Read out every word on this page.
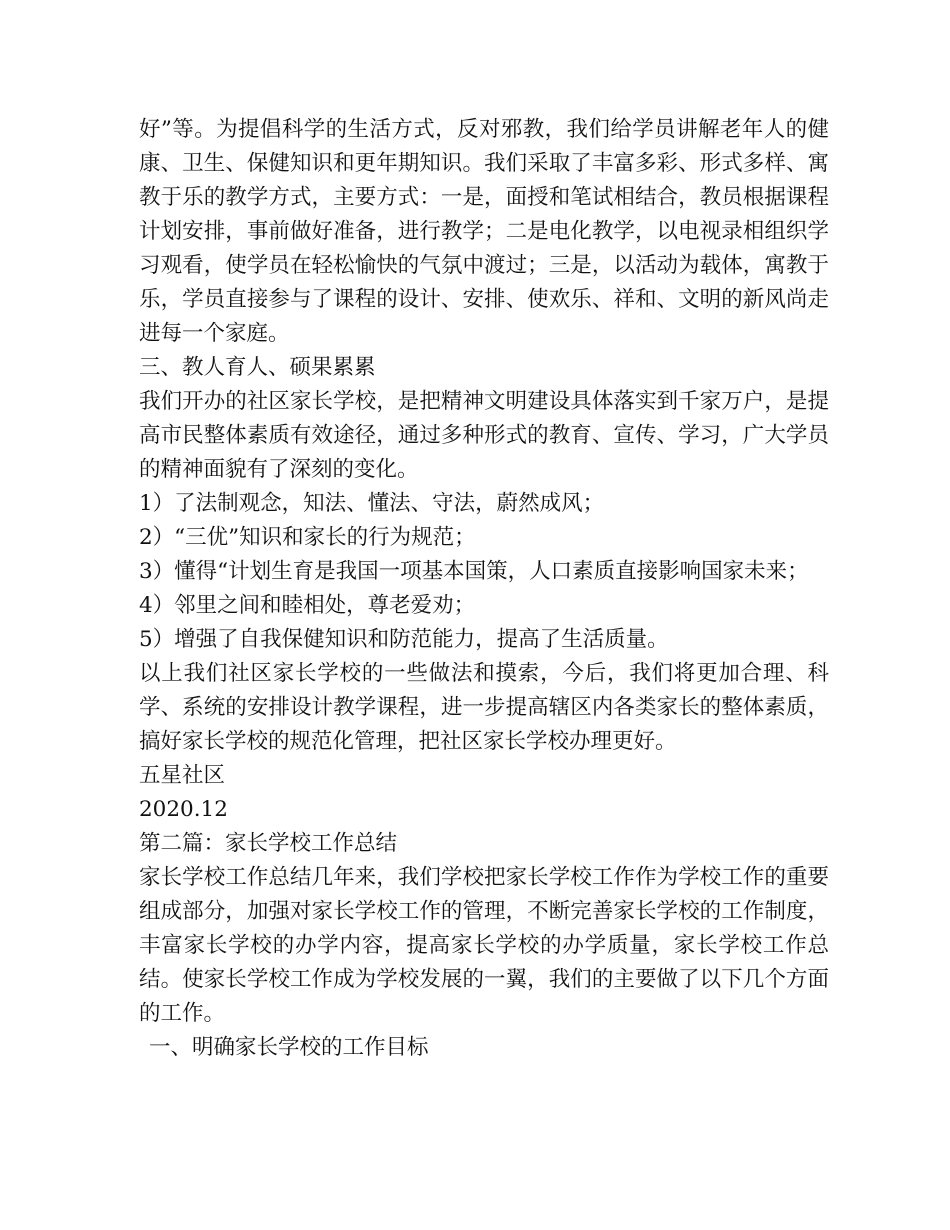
好”等。为提倡科学的生活方式，反对邪教，我们给学员讲解老年人的健康、卫生、保健知识和更年期知识。我们采取了丰富多彩、形式多样、寓教于乐的教学方式，主要方式：一是，面授和笔试相结合，教员根据课程计划安排，事前做好准备，进行教学；二是电化教学，以电视录相组织学习观看，使学员在轻松愉快的气氛中渡过；三是，以活动为载体，寓教于乐，学员直接参与了课程的设计、安排、使欢乐、祥和、文明的新风尚走进每一个家庭。

三、教人育人、硕果累累

我们开办的社区家长学校，是把精神文明建设具体落实到千家万户，是提高市民整体素质有效途径，通过多种形式的教育、宣传、学习，广大学员的精神面貌有了深刻的变化。

1）了法制观念，知法、懂法、守法，蔚然成风；

2）“三优”知识和家长的行为规范；

3）懂得“计划生育是我国一项基本国策，人口素质直接影响国家未来；

4）邻里之间和睦相处，尊老爱劝；

5）增强了自我保健知识和防范能力，提高了生活质量。

以上我们社区家长学校的一些做法和摸索，今后，我们将更加合理、科学、系统的安排设计教学课程，进一步提高辖区内各类家长的整体素质，搞好家长学校的规范化管理，把社区家长学校办理更好。

五星社区

2020.12

第二篇：家长学校工作总结

家长学校工作总结几年来，我们学校把家长学校工作作为学校工作的重要组成部分，加强对家长学校工作的管理，不断完善家长学校的工作制度，丰富家长学校的办学内容，提高家长学校的办学质量，家长学校工作总结。使家长学校工作成为学校发展的一翼，我们的主要做了以下几个方面的工作。

一、明确家长学校的工作目标
